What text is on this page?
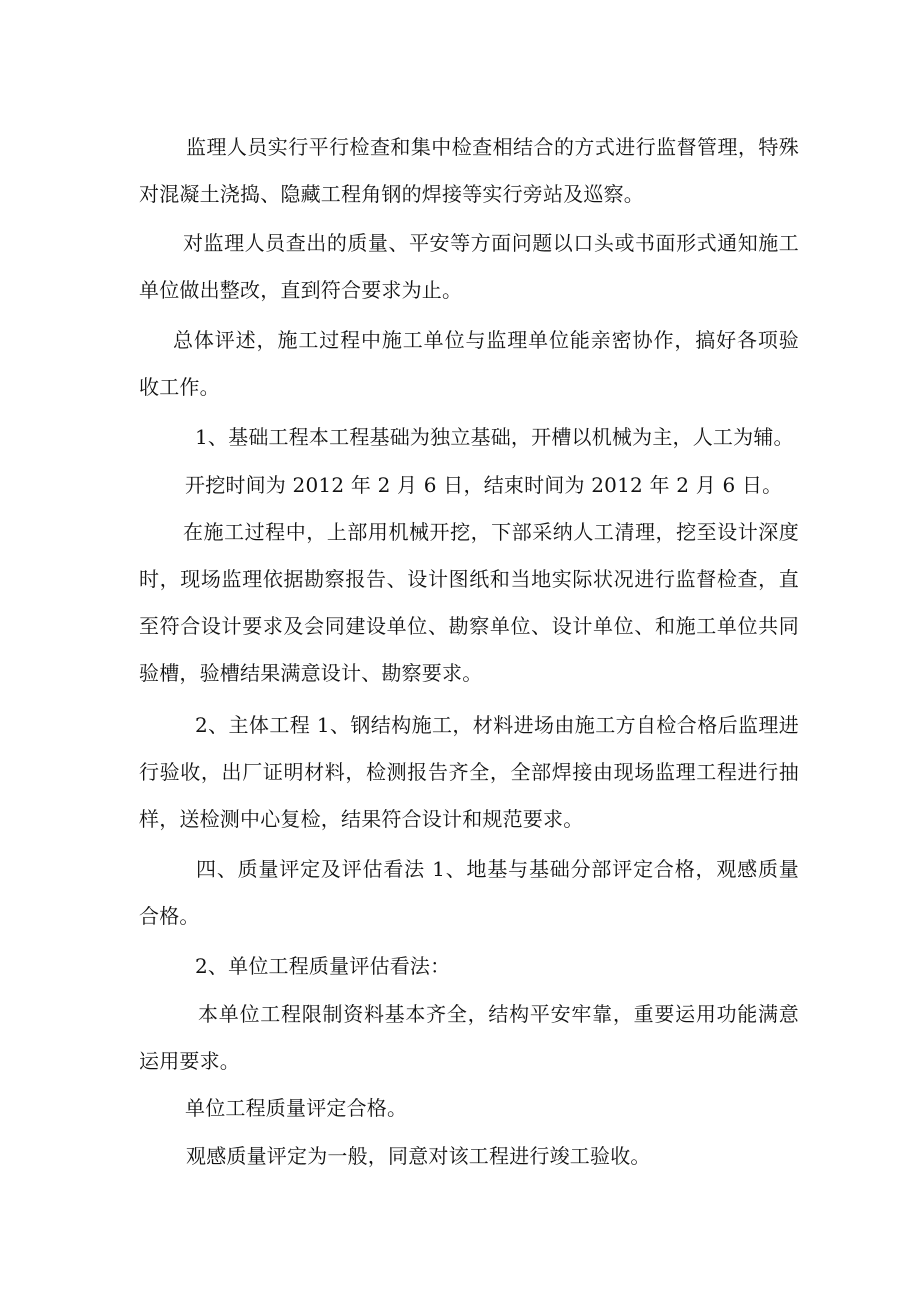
监理人员实行平行检查和集中检查相结合的方式进行监督管理，特殊对混凝土浇捣、隐藏工程角钢的焊接等实行旁站及巡察。

对监理人员查出的质量、平安等方面问题以口头或书面形式通知施工单位做出整改，直到符合要求为止。

总体评述，施工过程中施工单位与监理单位能亲密协作，搞好各项验收工作。

1、基础工程本工程基础为独立基础，开槽以机械为主，人工为辅。

开挖时间为 2012 年 2 月 6 日，结束时间为 2012 年 2 月 6 日。

在施工过程中，上部用机械开挖，下部采纳人工清理，挖至设计深度时，现场监理依据勘察报告、设计图纸和当地实际状况进行监督检查，直至符合设计要求及会同建设单位、勘察单位、设计单位、和施工单位共同验槽，验槽结果满意设计、勘察要求。

2、主体工程 1、钢结构施工，材料进场由施工方自检合格后监理进行验收，出厂证明材料，检测报告齐全，全部焊接由现场监理工程进行抽样，送检测中心复检，结果符合设计和规范要求。

四、质量评定及评估看法 1、地基与基础分部评定合格，观感质量合格。

2、单位工程质量评估看法：

本单位工程限制资料基本齐全，结构平安牢靠，重要运用功能满意运用要求。

单位工程质量评定合格。

观感质量评定为一般，同意对该工程进行竣工验收。
